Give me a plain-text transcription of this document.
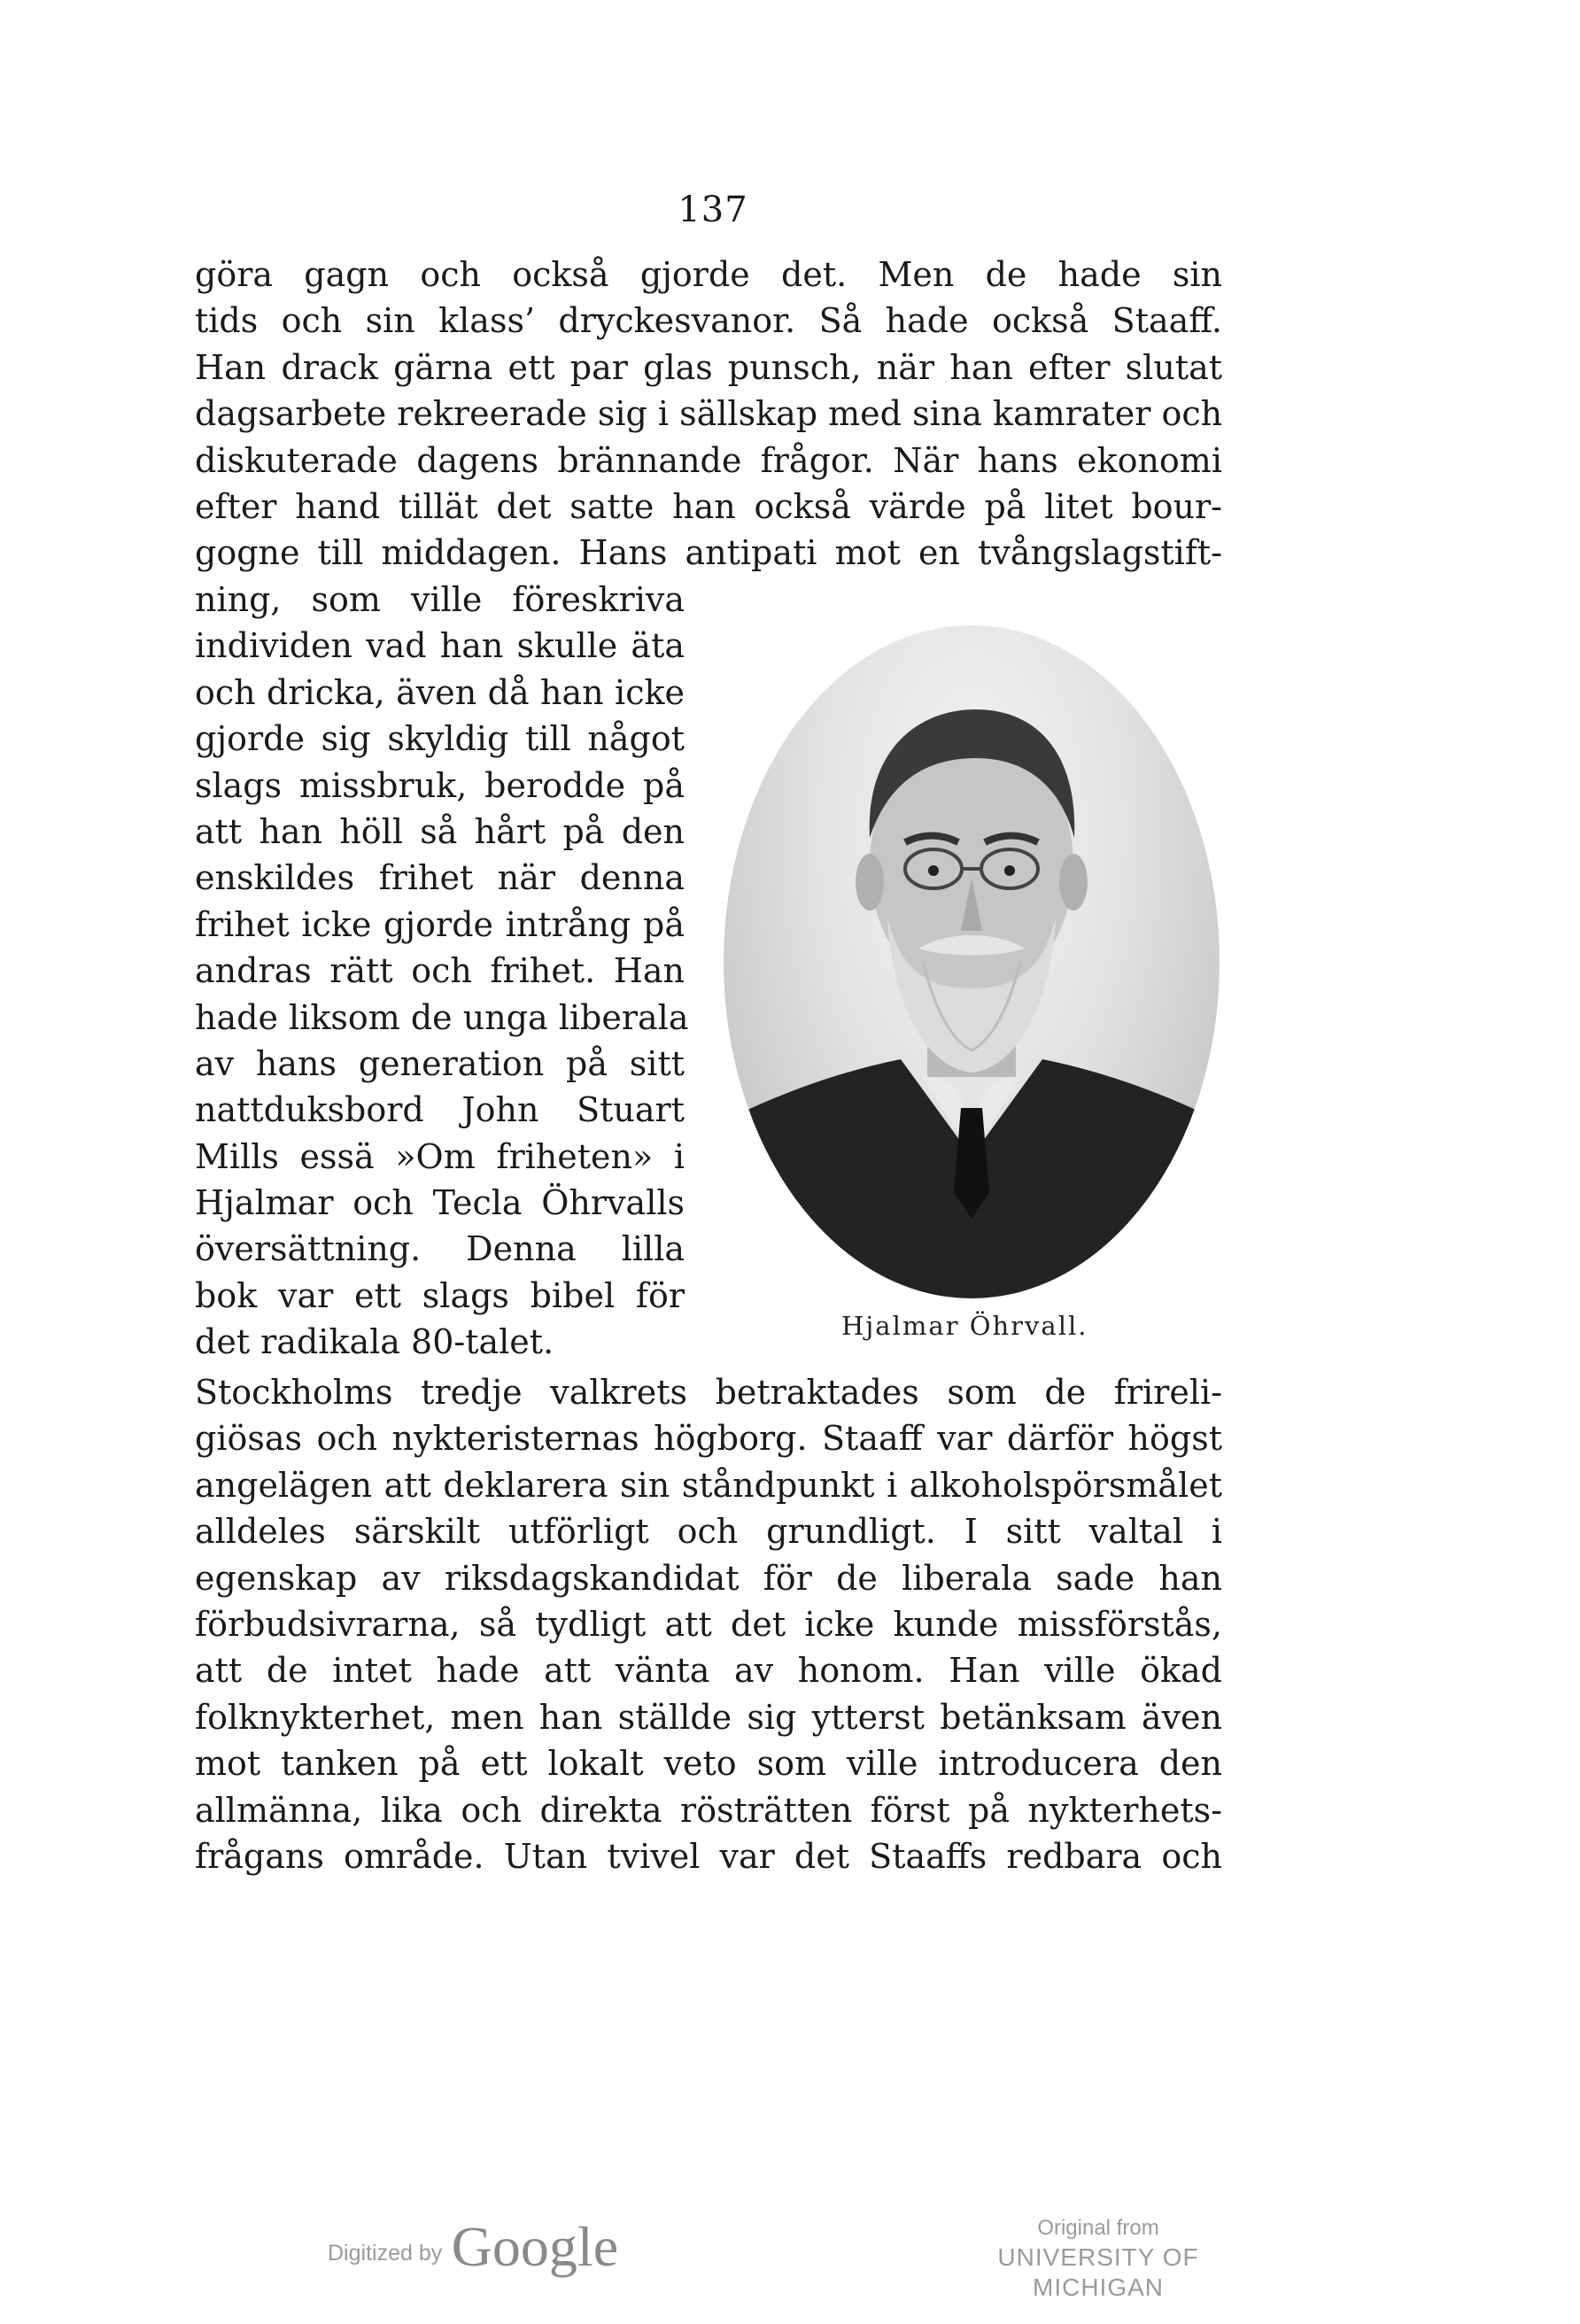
137
göra gagn och också gjorde det. Men de hade sin
tids och sin klass’ dryckesvanor. Så hade också Staaff.
Han drack gärna ett par glas punsch, när han efter slutat
dagsarbete rekreerade sig i sällskap med sina kamrater och
diskuterade dagens brännande frågor. När hans ekonomi
efter hand tillät det satte han också värde på litet bour-
gogne till middagen. Hans antipati mot en tvångslagstift-
ning, som ville föreskriva
individen vad han skulle äta
och dricka, även då han icke
gjorde sig skyldig till något
slags missbruk, berodde på
att han höll så hårt på den
enskildes frihet när denna
frihet icke gjorde intrång på
andras rätt och frihet. Han
hade liksom de unga liberala
av hans generation på sitt
nattduksbord John Stuart
Mills essä »Om friheten» i
Hjalmar och Tecla Öhrvalls
översättning. Denna lilla
bok var ett slags bibel för
det radikala 80-talet.	Hjalmar Öhrvall.
Stockholms tredje valkrets betraktades som de frireli-
giösas och nykteristernas högborg. Staaff var därför högst
angelägen att deklarera sin ståndpunkt i alkoholspörsmålet
alldeles särskilt utförligt och grundligt. I sitt valtal i
egenskap av riksdagskandidat för de liberala sade han
förbudsivrarna, så tydligt att det icke kunde missförstås,
att de intet hade att vänta av honom. Han ville ökad
folknykterhet, men han ställde sig ytterst betänksam även
mot tanken på ett lokalt veto som ville introducera den
allmänna, lika och direkta rösträtten först på nykterhets-
frågans område. Utan tvivel var det Staaffs redbara och
Digitized by Google	Original from
UNIVERSITY OF MICHIGAN
